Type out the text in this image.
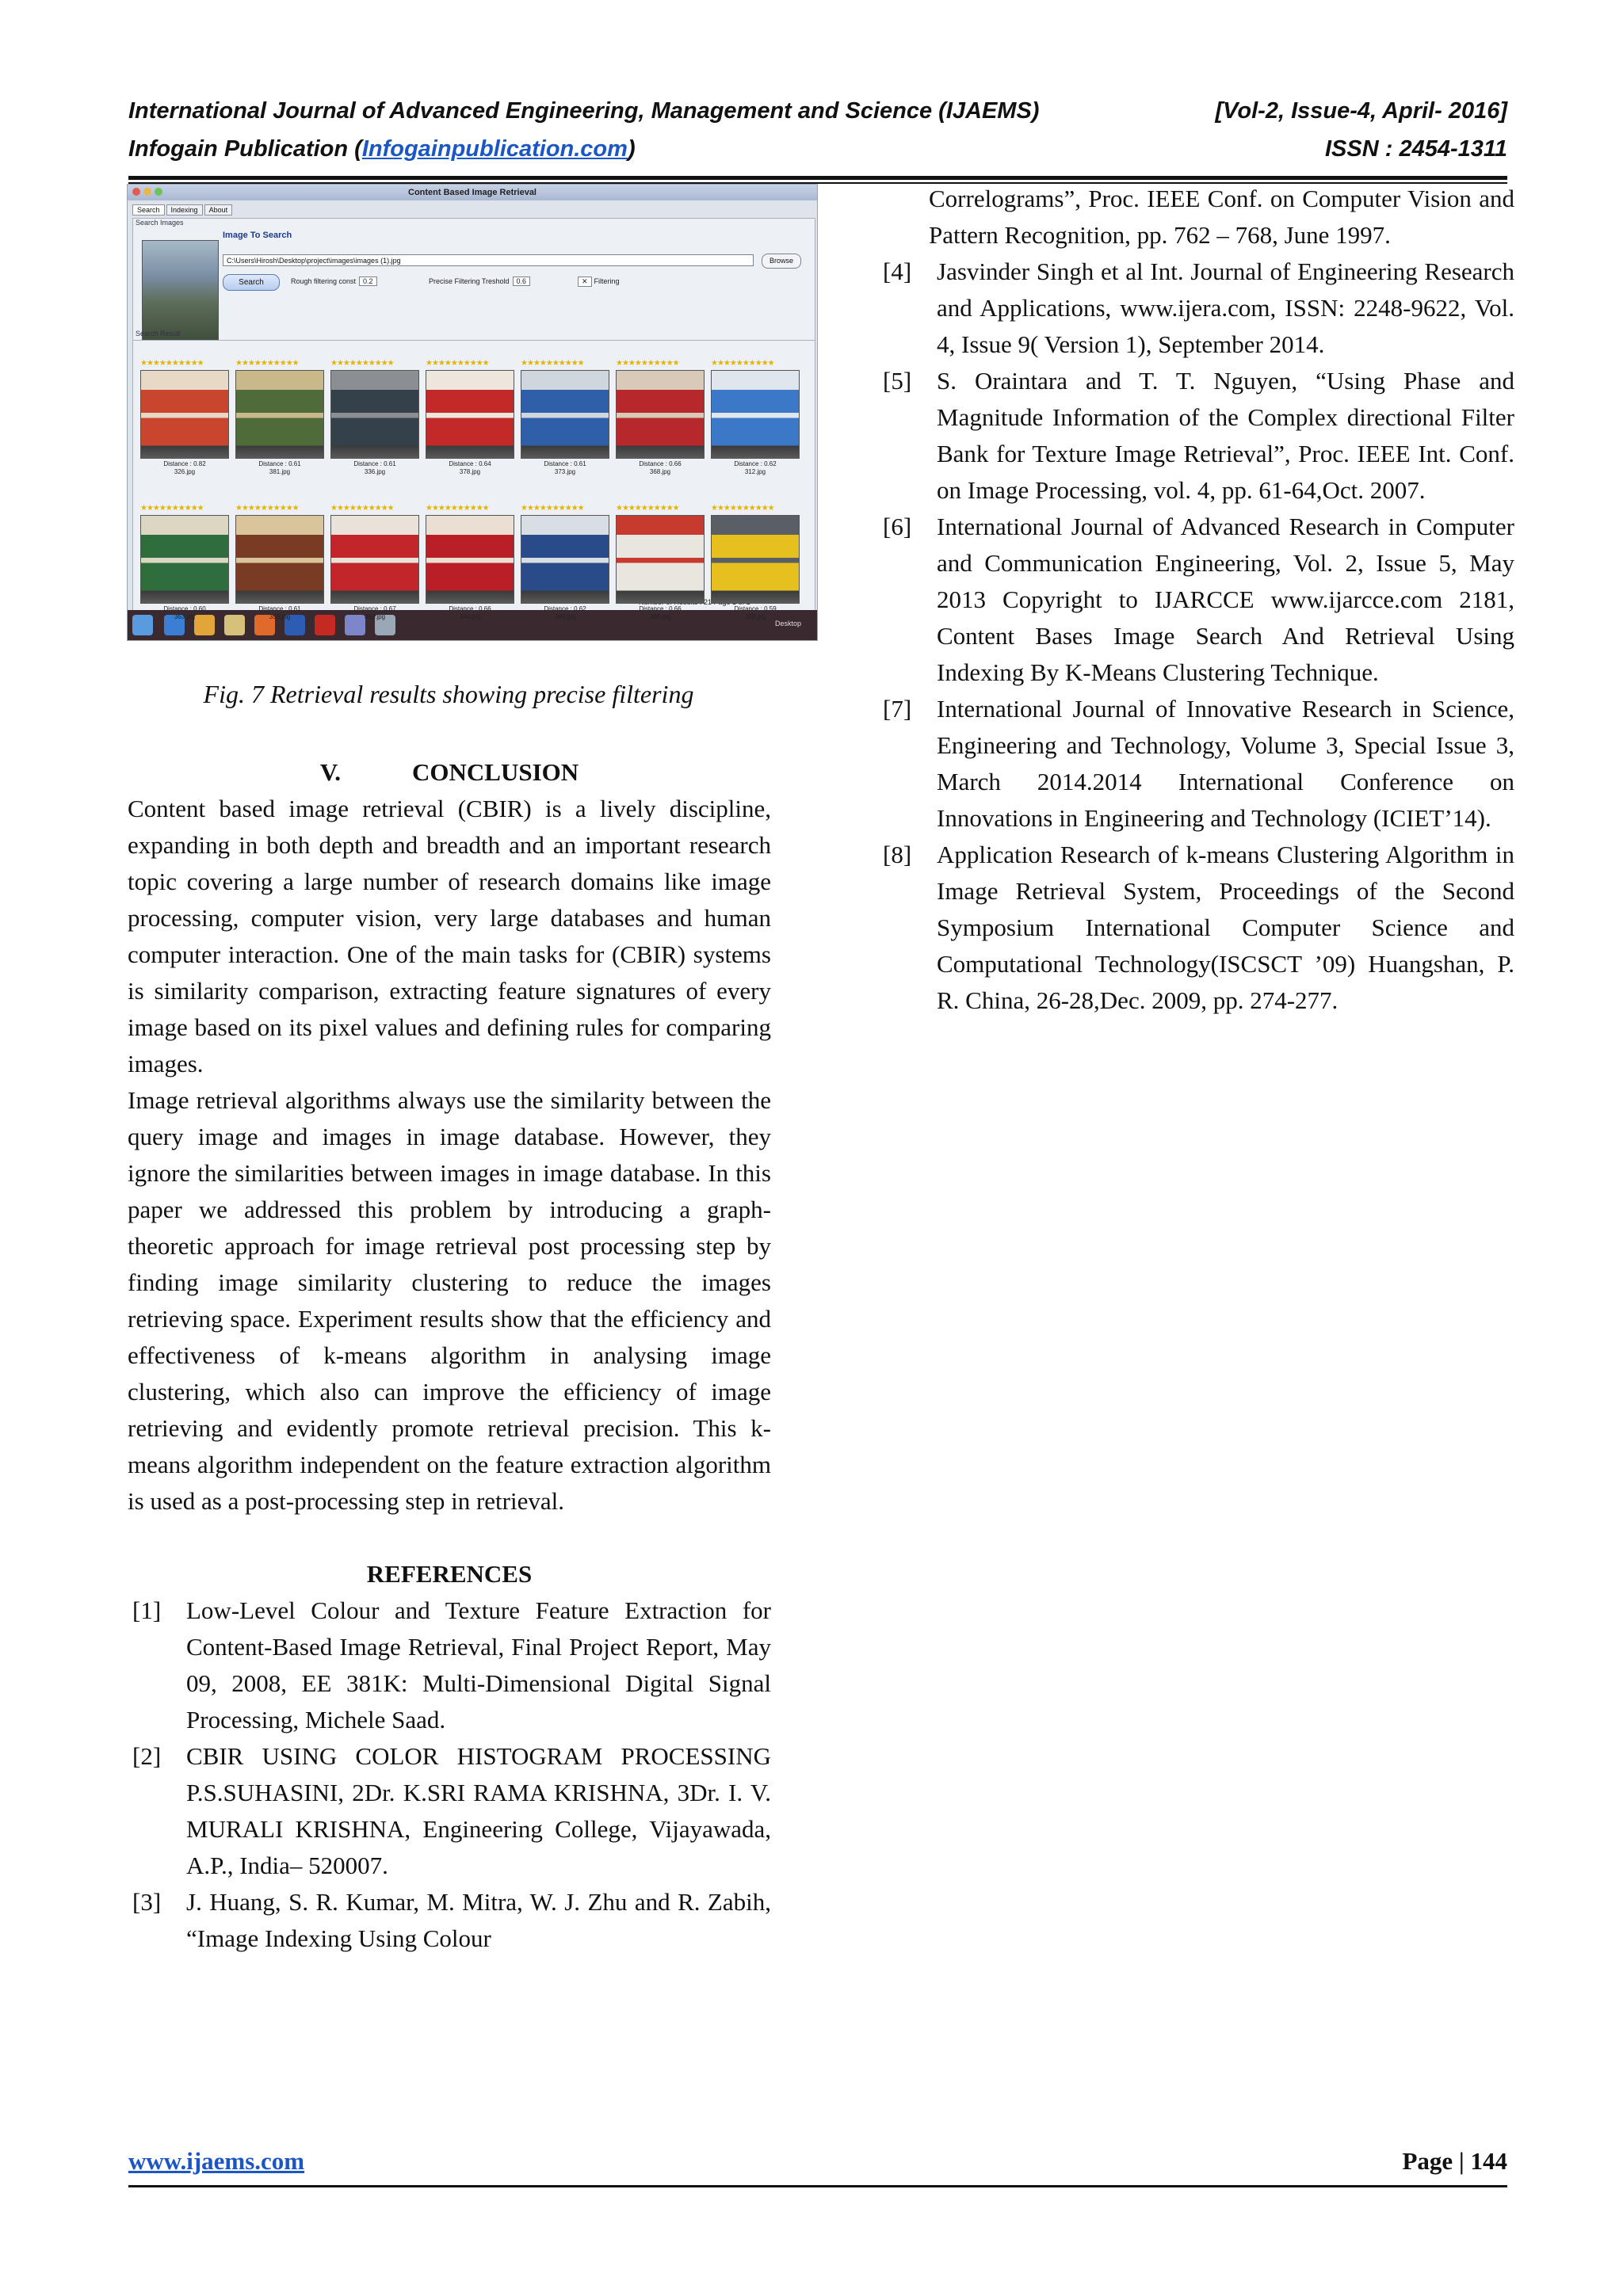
International Journal of Advanced Engineering, Management and Science (IJAEMS)	[Vol-2, Issue-4, April- 2016]
Infogain Publication (Infogainpublication.com)	ISSN : 2454-1311
Content Based Image Retrieval
Search Indexing About
Search Images
Image To Search
C:\Users\Hirosh\Desktop\project\images\images (1).jpg	Browse
Search	Rough filtering const 0.2	Precise Filtering Treshold 0.6	✕ Filtering
Search Result
21
Desktop
★★★★★★★★★★
Distance : 0.82
326.jpg
★★★★★★★★★★
Distance : 0.61
381.jpg
★★★★★★★★★★
Distance : 0.61
336.jpg
★★★★★★★★★★
Distance : 0.64
378.jpg
★★★★★★★★★★
Distance : 0.61
373.jpg
★★★★★★★★★★
Distance : 0.66
368.jpg
★★★★★★★★★★
Distance : 0.62
312.jpg
★★★★★★★★★★
Distance : 0.60
363.jpg
★★★★★★★★★★
Distance : 0.61
356.jpg
★★★★★★★★★★
Distance : 0.67
362.jpg
★★★★★★★★★★
Distance : 0.66
344.jpg
★★★★★★★★★★
Distance : 0.62
384.jpg
★★★★★★★★★★
Distance : 0.66
398.jpg
★★★★★★★★★★
Distance : 0.59
358.jpg
Fig. 7 Retrieval results showing precise filtering
V.	CONCLUSION

Content based image retrieval (CBIR) is a lively discipline, expanding in both depth and breadth and an important research topic covering a large number of research domains like image processing, computer vision, very large databases and human computer interaction. One of the main tasks for (CBIR) systems is similarity comparison, extracting feature signatures of every image based on its pixel values and defining rules for comparing images.

Image retrieval algorithms always use the similarity between the query image and images in image database. However, they ignore the similarities between images in image database. In this paper we addressed this problem by introducing a graph-theoretic approach for image retrieval post processing step by finding image similarity clustering to reduce the images retrieving space. Experiment results show that the efficiency and effectiveness of k-means algorithm in analysing image clustering, which also can improve the efficiency of image retrieving and evidently promote retrieval precision. This k-means algorithm independent on the feature extraction algorithm is used as a post-processing step in retrieval.

REFERENCES
[1] Low-Level Colour and Texture Feature Extraction for Content-Based Image Retrieval, Final Project Report, May 09, 2008, EE 381K: Multi-Dimensional Digital Signal Processing, Michele Saad.
[2] CBIR USING COLOR HISTOGRAM PROCESSING P.S.SUHASINI, 2Dr. K.SRI RAMA KRISHNA, 3Dr. I. V. MURALI KRISHNA, Engineering College, Vijayawada, A.P., India– 520007.
[3] J. Huang, S. R. Kumar, M. Mitra, W. J. Zhu and R. Zabih, “Image Indexing Using Colour
Correlograms”, Proc. IEEE Conf. on Computer Vision and Pattern Recognition, pp. 762 – 768, June 1997.
[4] Jasvinder Singh et al Int. Journal of Engineering Research and Applications, www.ijera.com, ISSN: 2248-9622, Vol. 4, Issue 9( Version 1), September 2014.
[5] S. Oraintara and T. T. Nguyen, “Using Phase and Magnitude Information of the Complex directional Filter Bank for Texture Image Retrieval”, Proc. IEEE Int. Conf. on Image Processing, vol. 4, pp. 61-64,Oct. 2007.
[6] International Journal of Advanced Research in Computer and Communication Engineering, Vol. 2, Issue 5, May 2013 Copyright to IJARCCE www.ijarcce.com 2181, Content Bases Image Search And Retrieval Using Indexing By K-Means Clustering Technique.
[7] International Journal of Innovative Research in Science, Engineering and Technology, Volume 3, Special Issue 3, March 2014.2014 International Conference on Innovations in Engineering and Technology (ICIET’14).
[8] Application Research of k-means Clustering Algorithm in Image Retrieval System, Proceedings of the Second Symposium International Computer Science and Computational Technology(ISCSCT ’09) Huangshan, P. R. China, 26-28,Dec. 2009, pp. 274-277.
www.ijaems.com	Page | 144
